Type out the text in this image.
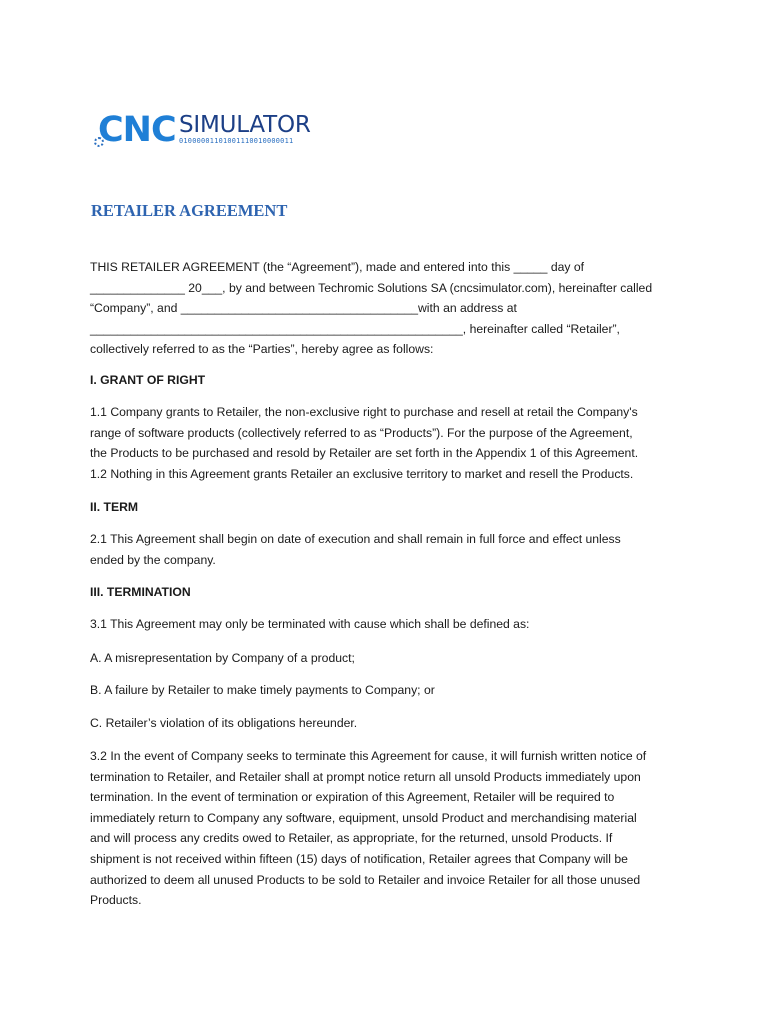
CNC SIMULATOR
01000001101001110010000011
RETAILER AGREEMENT

THIS RETAILER AGREEMENT (the “Agreement”), made and entered into this _____ day of
______________ 20___, by and between Techromic Solutions SA (cncsimulator.com), hereinafter called
“Company”, and ___________________________________with an address at
_______________________________________________________, hereinafter called “Retailer”,
collectively referred to as the “Parties”, hereby agree as follows:

I. GRANT OF RIGHT

1.1 Company grants to Retailer, the non-exclusive right to purchase and resell at retail the Company's
range of software products (collectively referred to as “Products”). For the purpose of the Agreement,
the Products to be purchased and resold by Retailer are set forth in the Appendix 1 of this Agreement.
1.2 Nothing in this Agreement grants Retailer an exclusive territory to market and resell the Products.

II. TERM

2.1 This Agreement shall begin on date of execution and shall remain in full force and effect unless
ended by the company.

III. TERMINATION

3.1 This Agreement may only be terminated with cause which shall be defined as:

A. A misrepresentation by Company of a product;

B. A failure by Retailer to make timely payments to Company; or

C. Retailer’s violation of its obligations hereunder.

3.2 In the event of Company seeks to terminate this Agreement for cause, it will furnish written notice of
termination to Retailer, and Retailer shall at prompt notice return all unsold Products immediately upon
termination. In the event of termination or expiration of this Agreement, Retailer will be required to
immediately return to Company any software, equipment, unsold Product and merchandising material
and will process any credits owed to Retailer, as appropriate, for the returned, unsold Products. If
shipment is not received within fifteen (15) days of notification, Retailer agrees that Company will be
authorized to deem all unused Products to be sold to Retailer and invoice Retailer for all those unused
Products.
